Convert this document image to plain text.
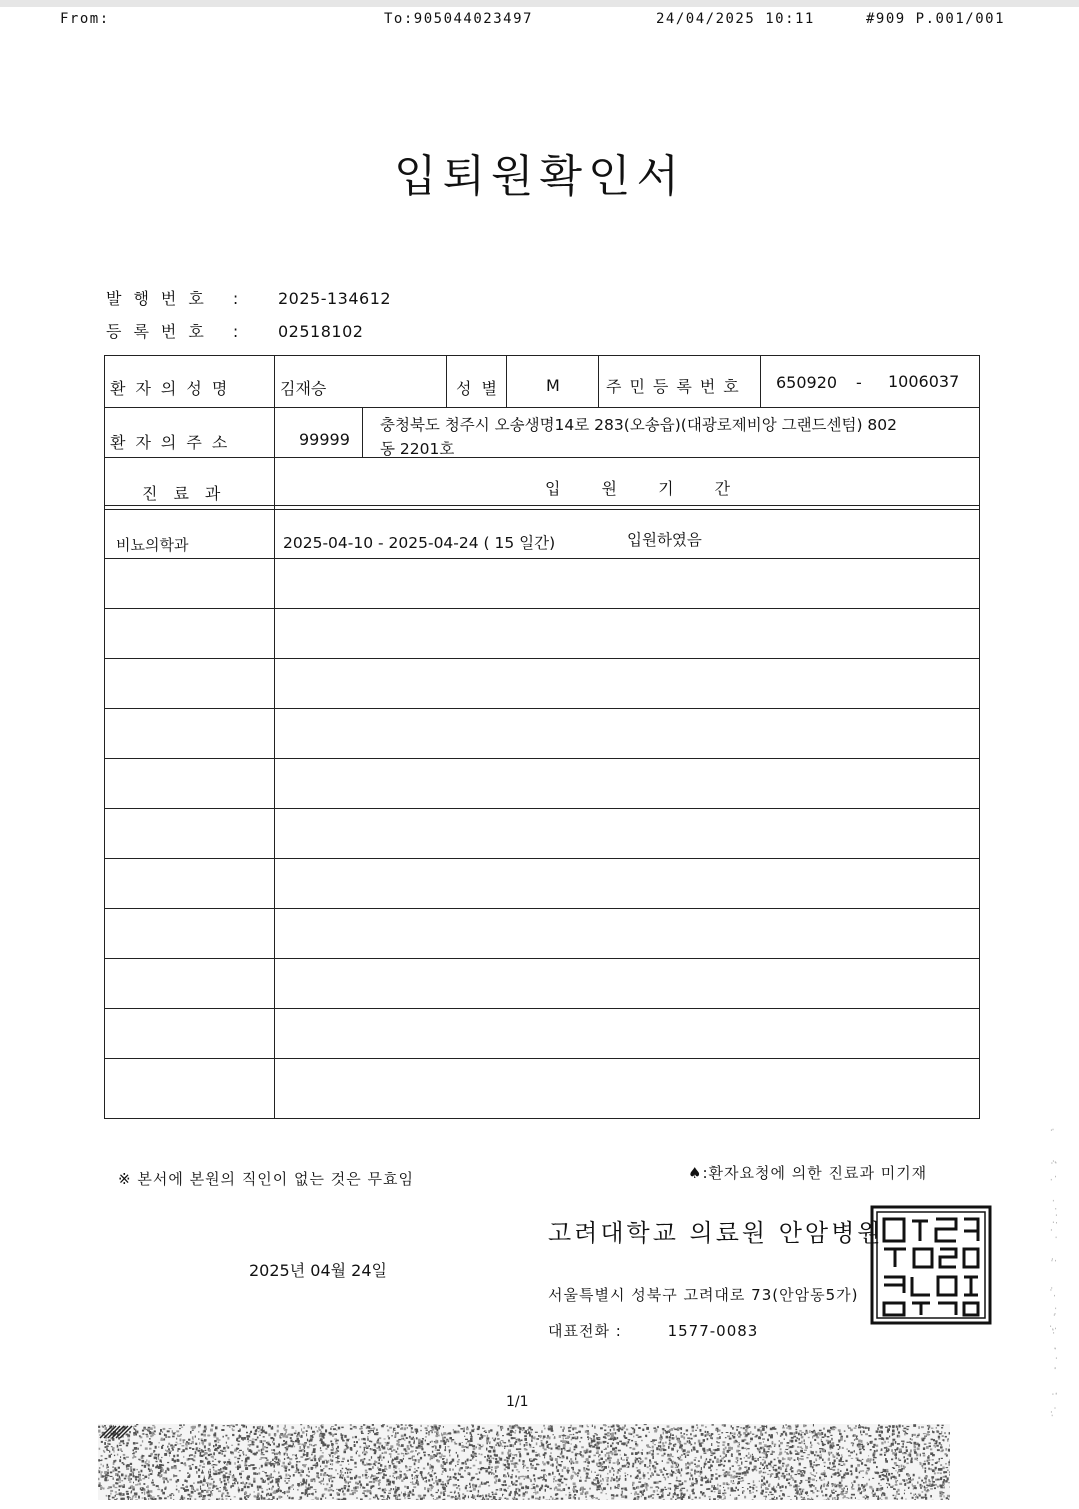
From:	To:905044023497	24/04/2025 10:11	#909 P.001/001
입퇴원확인서
발행번호 : 2025-134612
등록번호 : 02518102
환자의성명	김재승	성별 M	주민등록번호 650920 - 1006037
환자의주소	99999
충청북도 청주시 오송생명14로 283(오송읍)(대광로제비앙 그랜드센텀) 802
동 2201호
진료과	입 원 기 간
비뇨의학과	2025-04-10 - 2025-04-24 ( 15 일간)	입원하였음
※ 본서에 본원의 직인이 없는 것은 무효임	♠:환자요청에 의한 진료과 미기재
고려대학교 의료원 안암병원
2025년 04월 24일
서울특별시 성북구 고려대로 73(안암동5가)
대표전화 :	1577-0083
1/1
